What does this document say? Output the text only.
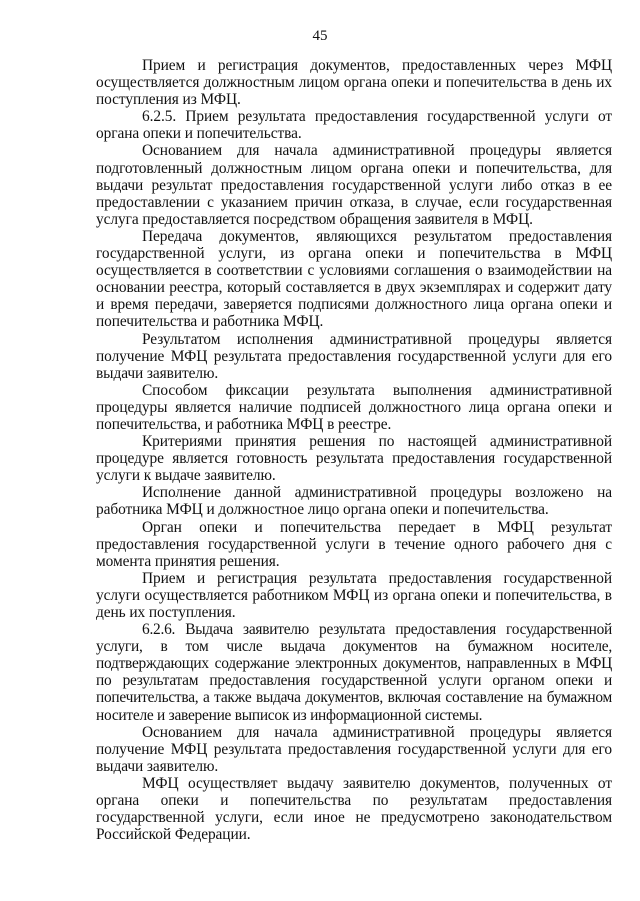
45

Прием и регистрация документов, предоставленных через МФЦ осуществляется должностным лицом органа опеки и попечительства в день их поступления из МФЦ.

6.2.5. Прием результата предоставления государственной услуги от органа опеки и попечительства.

Основанием для начала административной процедуры является подготовленный должностным лицом органа опеки и попечительства, для выдачи результат предоставления государственной услуги либо отказ в ее предоставлении с указанием причин отказа, в случае, если государственная услуга предоставляется посредством обращения заявителя в МФЦ.

Передача документов, являющихся результатом предоставления государственной услуги, из органа опеки и попечительства в МФЦ осуществляется в соответствии с условиями соглашения о взаимодействии на основании реестра, который составляется в двух экземплярах и содержит дату и время передачи, заверяется подписями должностного лица органа опеки и попечительства и работника МФЦ.

Результатом исполнения административной процедуры является получение МФЦ результата предоставления государственной услуги для его выдачи заявителю.

Способом фиксации результата выполнения административной процедуры является наличие подписей должностного лица органа опеки и попечительства, и работника МФЦ в реестре.

Критериями принятия решения по настоящей административной процедуре является готовность результата предоставления государственной услуги к выдаче заявителю.

Исполнение данной административной процедуры возложено на работника МФЦ и должностное лицо органа опеки и попечительства.

Орган опеки и попечительства передает в МФЦ результат предоставления государственной услуги в течение одного рабочего дня с момента принятия решения.

Прием и регистрация результата предоставления государственной услуги осуществляется работником МФЦ из органа опеки и попечительства, в день их поступления.

6.2.6. Выдача заявителю результата предоставления государственной услуги, в том числе выдача документов на бумажном носителе, подтверждающих содержание электронных документов, направленных в МФЦ по результатам предоставления государственной услуги органом опеки и попечительства, а также выдача документов, включая составление на бумажном носителе и заверение выписок из информационной системы.

Основанием для начала административной процедуры является получение МФЦ результата предоставления государственной услуги для его выдачи заявителю.

МФЦ осуществляет выдачу заявителю документов, полученных от органа опеки и попечительства по результатам предоставления государственной услуги, если иное не предусмотрено законодательством Российской Федерации.
